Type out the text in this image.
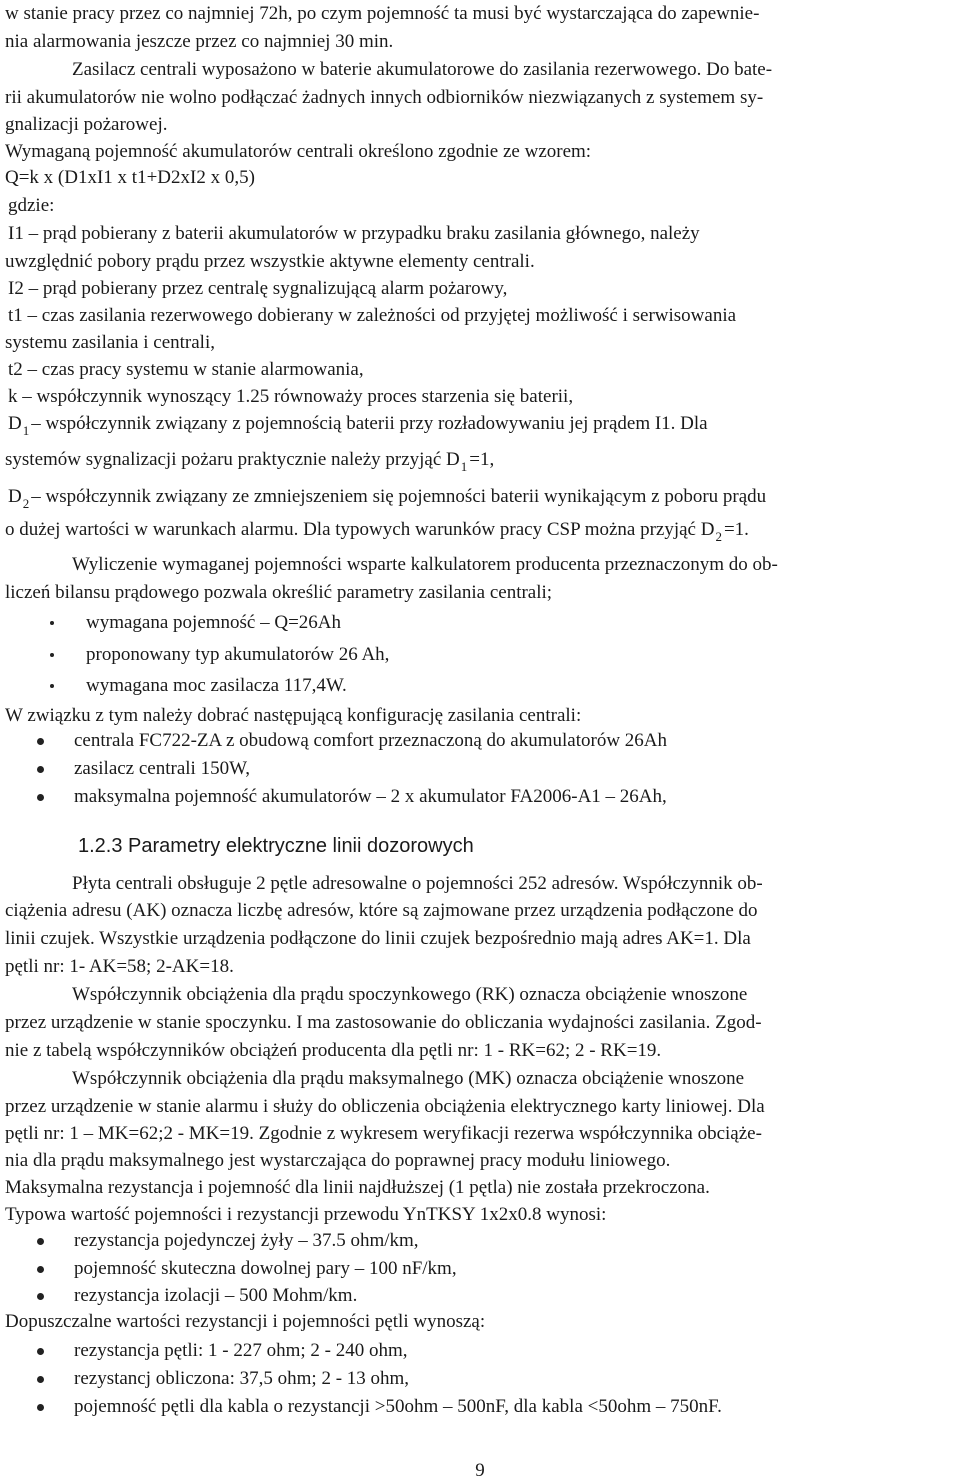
w stanie pracy przez co najmniej 72h, po czym pojemność ta musi być wystarczająca do zapewnie-
nia alarmowania jeszcze przez co najmniej 30 min.
Zasilacz centrali wyposażono w baterie akumulatorowe do zasilania rezerwowego. Do bate-
rii akumulatorów nie wolno podłączać żadnych innych odbiorników niezwiązanych z systemem sy-
gnalizacji pożarowej.
Wymaganą pojemność akumulatorów centrali określono zgodnie ze wzorem:
Q=k x (D1xI1 x t1+D2xI2 x 0,5)
gdzie:
I1 – prąd pobierany z baterii akumulatorów w przypadku braku zasilania głównego, należy
uwzględnić pobory prądu przez wszystkie aktywne elementy centrali.
I2 – prąd pobierany przez centralę sygnalizującą alarm pożarowy,
t1 – czas zasilania rezerwowego dobierany w zależności od przyjętej możliwość i serwisowania
systemu zasilania i centrali,
t2 – czas pracy systemu w stanie alarmowania,
k – współczynnik wynoszący 1.25 równoważy proces starzenia się baterii,
$D_1$ – współczynnik związany z pojemnością baterii przy rozładowywaniu jej prądem I1. Dla
systemów sygnalizacji pożaru praktycznie należy przyjąć $D_1 =1$,
$D_2$ – współczynnik związany ze zmniejszeniem się pojemności baterii wynikającym z poboru prądu
o dużej wartości w warunkach alarmu. Dla typowych warunków pracy CSP można przyjąć $D_2 =1$.
Wyliczenie wymaganej pojemności wsparte kalkulatorem producenta przeznaczonym do ob-
liczeń bilansu prądowego pozwala określić parametry zasilania centrali;
wymagana pojemność – Q=26Ah
proponowany typ akumulatorów 26 Ah,
wymagana moc zasilacza 117,4W.
W związku z tym należy dobrać następującą konfigurację zasilania centrali:
centrala FC722-ZA z obudową comfort przeznaczoną do akumulatorów 26Ah
zasilacz centrali 150W,
maksymalna pojemność akumulatorów – 2 x akumulator FA2006-A1 – 26Ah,
1.2.3 Parametry elektryczne linii dozorowych
Płyta centrali obsługuje 2 pętle adresowalne o pojemności 252 adresów. Współczynnik ob-
ciążenia adresu (AK) oznacza liczbę adresów, które są zajmowane przez urządzenia podłączone do
linii czujek. Wszystkie urządzenia podłączone do linii czujek bezpośrednio mają adres AK=1. Dla
pętli nr: 1- AK=58; 2-AK=18.
Współczynnik obciążenia dla prądu spoczynkowego (RK) oznacza obciążenie wnoszone
przez urządzenie w stanie spoczynku. I ma zastosowanie do obliczania wydajności zasilania. Zgod-
nie z tabelą współczynników obciążeń producenta dla pętli nr: 1 - RK=62; 2 - RK=19.
Współczynnik obciążenia dla prądu maksymalnego (MK) oznacza obciążenie wnoszone
przez urządzenie w stanie alarmu i służy do obliczenia obciążenia elektrycznego karty liniowej. Dla
pętli nr: 1 – MK=62;2 - MK=19. Zgodnie z wykresem weryfikacji rezerwa współczynnika obciąże-
nia dla prądu maksymalnego jest wystarczająca do poprawnej pracy modułu liniowego.
Maksymalna rezystancja i pojemność dla linii najdłuższej (1 pętla) nie została przekroczona.
Typowa wartość pojemności i rezystancji przewodu YnTKSY 1x2x0.8 wynosi:
rezystancja pojedynczej żyły – 37.5 ohm/km,
pojemność skuteczna dowolnej pary – 100 nF/km,
rezystancja izolacji – 500 Mohm/km.
Dopuszczalne wartości rezystancji i pojemności pętli wynoszą:
rezystancja pętli: 1 - 227 ohm; 2 - 240 ohm,
rezystancj obliczona: 37,5 ohm; 2 - 13 ohm,
pojemność pętli dla kabla o rezystancji >50ohm – 500nF, dla kabla <50ohm – 750nF.
9
